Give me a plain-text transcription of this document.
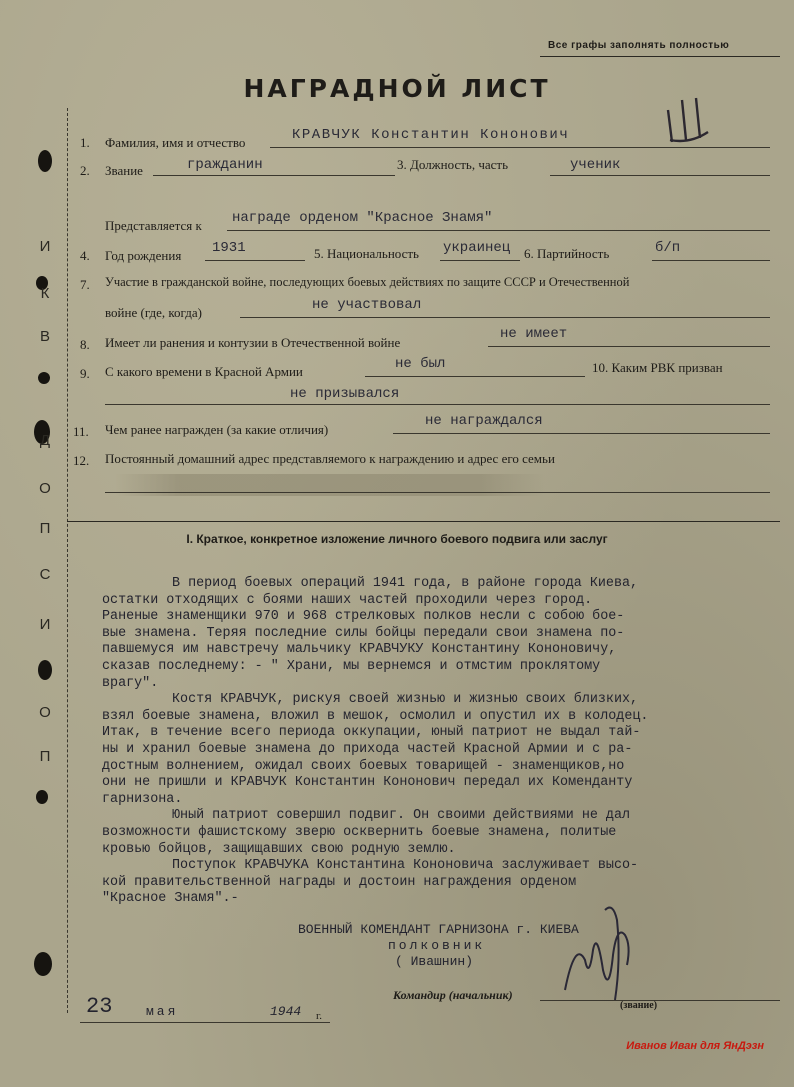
И
К
В
Д
О
П
С
И
О
П
Все графы заполнять полностью
НАГРАДНОЙ ЛИСТ
1. Фамилия, имя и отчество	КРАВЧУК Константин Кононович
2. Звание	гражданин	3. Должность, часть	ученик
Представляется к награде орденом "Красное Знамя"
4. Год рождения 1931	5. Национальность украинец 6. Партийность	б/п
7. Участие в гражданской войне, последующих боевых действиях по защите СССР и Отечественной
войне (где, когда)	не участвовал
8. Имеет ли ранения и контузии в Отечественной войне
не имеет
9. С какого времени в Красной Армии	не был	10. Каким РВК призван
не призывался
11. Чем ранее награжден (за какие отличия)
не награждался
12. Постоянный домашний адрес представляемого к награждению и адрес его семьи
I. Краткое, конкретное изложение личного боевого подвига или заслуг

В период боевых операций 1941 года, в районе города Киева,

остатки отходящих с боями наших частей проходили через город.

Раненые знаменщики 970 и 968 стрелковых полков несли с собою бое-

вые знамена. Теряя последние силы бойцы передали свои знамена по-

павшемуся им навстречу мальчику КРАВЧУКУ Константину Кононовичу,

сказав последнему: - " Храни, мы вернемся и отмстим проклятому

врагу".

Костя КРАВЧУК, рискуя своей жизнью и жизнью своих близких,

взял боевые знамена, вложил в мешок, осмолил и опустил их в колодец.

Итак, в течение всего периода оккупации, юный патриот не выдал тай-

ны и хранил боевые знамена до прихода частей Красной Армии и с ра-

достным волнением, ожидал своих боевых товарищей - знаменщиков,но

они не пришли и КРАВЧУК Константин Кононович передал их Коменданту

гарнизона.

Юный патриот совершил подвиг. Он своими действиями не дал

возможности фашистскому зверю осквернить боевые знамена, политые

кровью бойцов, защищавших свою родную землю.

Поступок КРАВЧУКА Константина Кононовича заслуживает высо-

кой правительственной награды и достоин награждения орденом

"Красное Знамя".-

ВОЕННЫЙ КОМЕНДАНТ ГАРНИЗОНА г. КИЕВА
полковник
( Ивашнин)
Командир (начальник)
(звание)
23	мая	1944 г.
Иванов Иван для ЯнДэзн
